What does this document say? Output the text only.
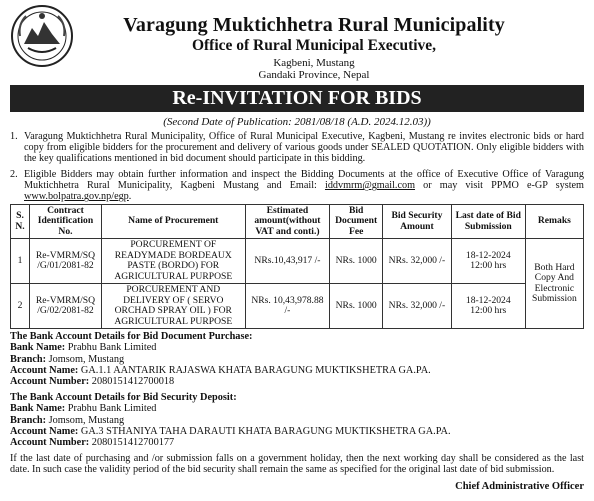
Varagung Muktichhetra Rural Municipality
Office of Rural Municipal Executive,
Kagbeni, Mustang
Gandaki Province, Nepal
Re-INVITATION FOR BIDS
(Second Date of Publication: 2081/08/18 (A.D. 2024.12.03))
1. Varagung Muktichhetra Rural Municipality, Office of Rural Municipal Executive, Kagbeni, Mustang re invites electronic bids or hard copy from eligible bidders for the procurement and delivery of various goods under SEALED QUOTATION. Only eligible bidders with the key qualifications mentioned in bid document should participate in this bidding.
2. Eligible Bidders may obtain further information and inspect the Bidding Documents at the office of Executive Office of Varagung Muktichhetra Rural Municipality, Kagbeni Mustang and Email: iddvmrm@gmail.com or may visit PPMO e-GP system www.bolpatra.gov.np/egp.
S. N.	Contract Identification No.	Name of Procurement	Estimated amount(without VAT and conti.)	Bid Document Fee	Bid Security Amount	Last date of Bid Submission	Remaks
1	Re-VMRM/SQ /G/01/2081-82	PORCUREMENT OF READYMADE BORDEAUX PASTE (BORDO) FOR AGRICULTURAL PURPOSE	NRs.10,43,917 /-	NRs. 1000	NRs. 32,000 /-	18-12-2024 12:00 hrs	Both Hard Copy And Electronic Submission
2	Re-VMRM/SQ /G/02/2081-82	PORCUREMENT AND DELIVERY OF ( SERVO ORCHAD SPRAY OIL ) FOR AGRICULTURAL PURPOSE	NRs. 10,43,978.88 /-	NRs. 1000	NRs. 32,000 /-	18-12-2024 12:00 hrs	
The Bank Account Details for Bid Document Purchase:
Bank Name: Prabhu Bank Limited
Branch: Jomsom, Mustang
Account Name: GA.1.1 AANTARIK RAJASWA KHATA BARAGUNG MUKTIKSHETRA GA.PA.
Account Number: 2080151412700018
The Bank Account Details for Bid Security Deposit:
Bank Name: Prabhu Bank Limited
Branch: Jomsom, Mustang
Account Name: GA.3 STHANIYA TAHA DARAUTI KHATA BARAGUNG MUKTIKSHETRA GA.PA.
Account Number: 2080151412700177
If the last date of purchasing and /or submission falls on a government holiday, then the next working day shall be considered as the last date. In such case the validity period of the bid security shall remain the same as specified for the original last date of bid submission.
Chief Administrative Officer
